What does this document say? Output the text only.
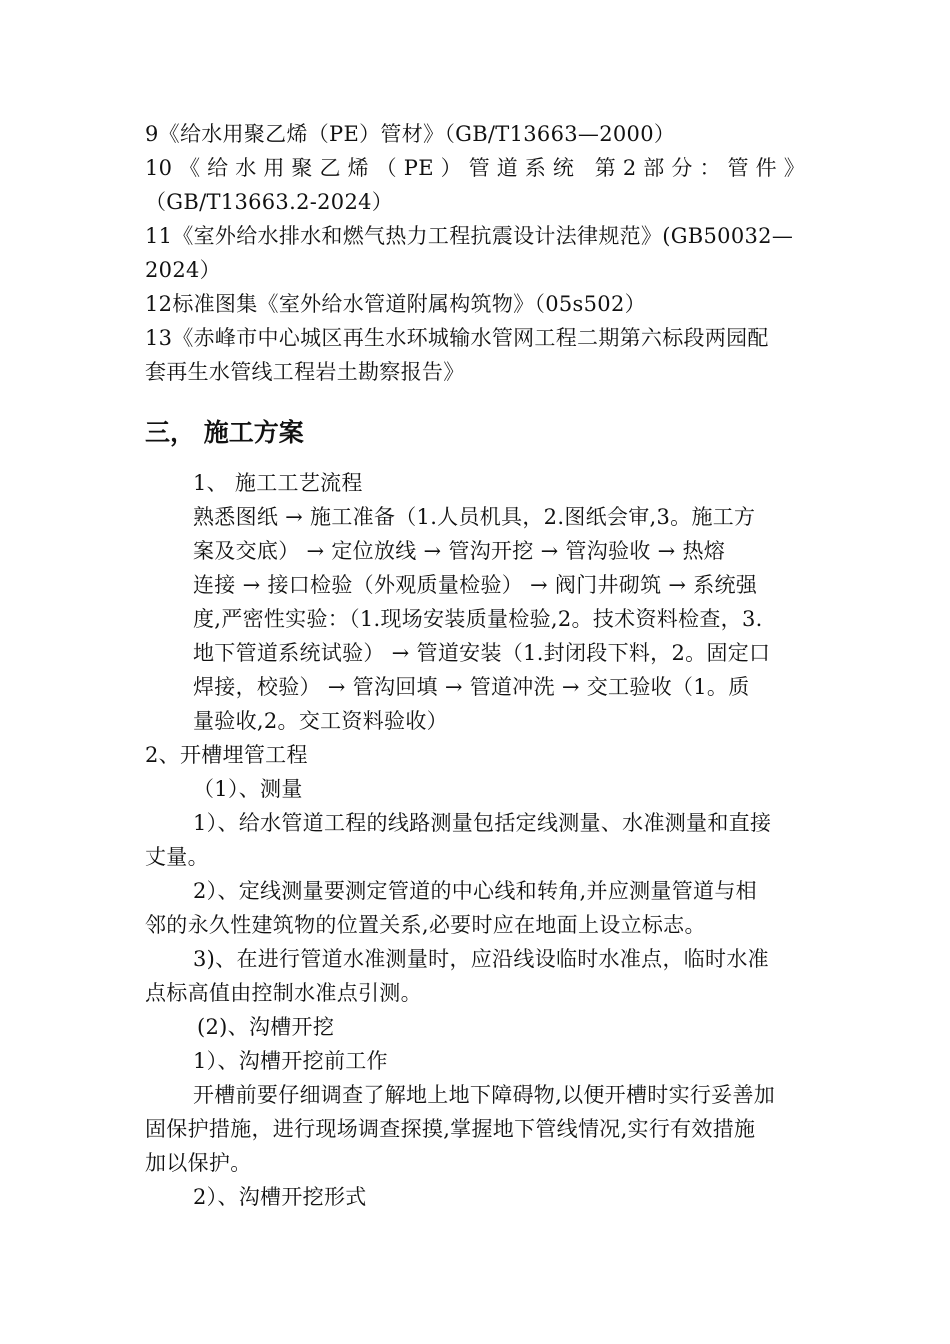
9《给水用聚乙烯（PE）管材》（GB/T13663—2000）
10《给水用聚乙烯（PE）管道系统 第2部分：管件》
（GB/T13663.2-2024）
11《室外给水排水和燃气热力工程抗震设计法律规范》(GB50032—
2024）
12标准图集《室外给水管道附属构筑物》（05s502）
13《赤峰市中心城区再生水环城输水管网工程二期第六标段两园配
套再生水管线工程岩土勘察报告》
三， 施工方案
1、 施工工艺流程
熟悉图纸 → 施工准备（1.人员机具，2.图纸会审,3。施工方
案及交底） → 定位放线 → 管沟开挖 → 管沟验收 → 热熔
连接 → 接口检验（外观质量检验） → 阀门井砌筑 → 系统强
度,严密性实验：（1.现场安装质量检验,2。技术资料检查，3.
地下管道系统试验） → 管道安装（1.封闭段下料，2。固定口
焊接，校验） → 管沟回填 → 管道冲洗 → 交工验收（1。质
量验收,2。交工资料验收）
2、开槽埋管工程
（1）、测量
1）、给水管道工程的线路测量包括定线测量、水准测量和直接
丈量。
2）、定线测量要测定管道的中心线和转角,并应测量管道与相
邻的永久性建筑物的位置关系,必要时应在地面上设立标志。
3)、在进行管道水准测量时，应沿线设临时水准点，临时水准
点标高值由控制水准点引测。
(2)、沟槽开挖
1）、沟槽开挖前工作
开槽前要仔细调查了解地上地下障碍物,以便开槽时实行妥善加
固保护措施，进行现场调查探摸,掌握地下管线情况,实行有效措施
加以保护。
2）、沟槽开挖形式
